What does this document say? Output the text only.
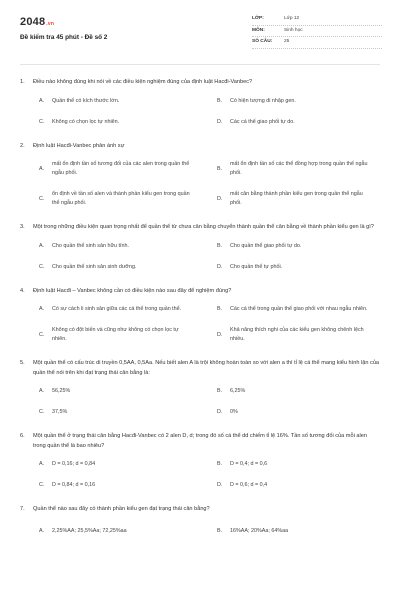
2048.vn
Đề kiểm tra 45 phút - Đề số 2
LỚP:	Lớp 12
MÔN:	Sinh học
SỐ CÂU:	25
1.	Điều nào không đúng khi nói về các điều kiện nghiệm đúng của định luật Hacđi-Vanbec?
A.	Quần thể có kích thước lớn.	B.	Có hiện tượng di nhập gen.
C.	Không có chọn lọc tự nhiên.	D.	Các cá thể giao phối tự do.
2.	Định luật Hacđi-Vanbec phản ánh sự
A.
mất ổn định tần số tương đối của các alen trong quần thể ngẫu phối.
B.
mất ổn định tần số các thể đồng hợp trong quần thể ngẫu phối.
C.
ổn định về tần số alen và thành phần kiểu gen trong quần thể ngẫu phối.
D.
mất cân bằng thành phần kiểu gen trong quần thể ngẫu phối.
3.	Một trong những điều kiện quan trọng nhất để quần thể từ chưa cân bằng chuyển thành quần thể cân bằng về thành phần kiểu gen là gì?
A.	Cho quần thể sinh sản hữu tính.	B.	Cho quần thể giao phối tự do.
C.	Cho quần thể sinh sản sinh dưỡng.	D.	Cho quần thể tự phối.
4.	Định luật Hacđi – Vanbec không cần có điều kiện nào sau đây để nghiệm đúng?
A.	Có sự cách li sinh sản giữa các cá thể trong quần thể.	B.	Các cá thể trong quần thể giao phối với nhau ngẫu nhiên.
C.
Không có đột biến và cũng như không có chọn lọc tự nhiên.
D.
Khả năng thích nghi của các kiểu gen không chênh lệch nhiều.
5.	Một quần thể có cấu trúc di truyền 0,5AA, 0,5Aa. Nếu biết alen A là trội không hoàn toàn so với alen a thì tỉ lệ cá thể mang kiểu hình lặn của quần thể nói trên khi đạt trạng thái cân bằng là:
A.	56,25%	B.	6,25%
C.	37,5%	D.	0%
6.	Một quần thể ở trạng thái cân bằng Hacđi-Vanbec có 2 alen D, d; trong đó số cá thể dd chiếm tỉ lệ 16%. Tần số tương đối của mỗi alen trong quần thể là bao nhiêu?
A.	D = 0,16; d = 0,84	B.	D = 0,4; d = 0,6
C.	D = 0,84; d = 0,16	D.	D = 0,6; d = 0,4
7.	Quần thể nào sau đây có thành phần kiểu gen đạt trạng thái cân bằng?
A.	2,25%AA; 25,5%Aa; 72,25%aa	B.	16%AA; 20%Aa; 64%aa
